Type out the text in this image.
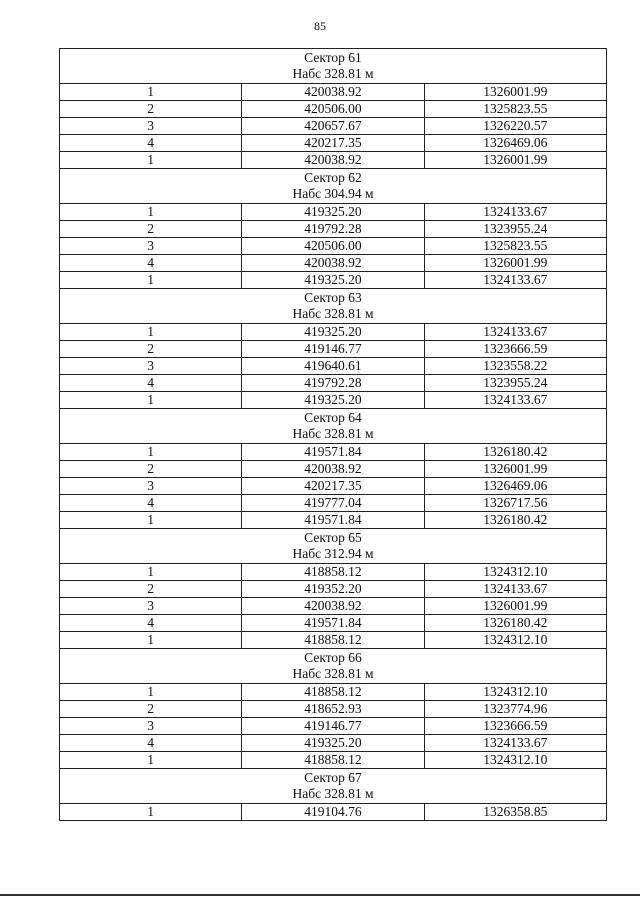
85
Сектор 61
Набс 328.81 м		

1	420038.92	1326001.99
2	420506.00	1325823.55
3	420657.67	1326220.57
4	420217.35	1326469.06
1	420038.92	1326001.99

Сектор 62
Набс 304.94 м		

1	419325.20	1324133.67
2	419792.28	1323955.24
3	420506.00	1325823.55
4	420038.92	1326001.99
1	419325.20	1324133.67

Сектор 63
Набс 328.81 м		

1	419325.20	1324133.67
2	419146.77	1323666.59
3	419640.61	1323558.22
4	419792.28	1323955.24
1	419325.20	1324133.67

Сектор 64
Набс 328.81 м		

1	419571.84	1326180.42
2	420038.92	1326001.99
3	420217.35	1326469.06
4	419777.04	1326717.56
1	419571.84	1326180.42

Сектор 65
Набс 312.94 м		

1	418858.12	1324312.10
2	419352.20	1324133.67
3	420038.92	1326001.99
4	419571.84	1326180.42
1	418858.12	1324312.10

Сектор 66
Набс 328.81 м		

1	418858.12	1324312.10
2	418652.93	1323774.96
3	419146.77	1323666.59
4	419325.20	1324133.67
1	418858.12	1324312.10

Сектор 67
Набс 328.81 м		

1	419104.76	1326358.85
